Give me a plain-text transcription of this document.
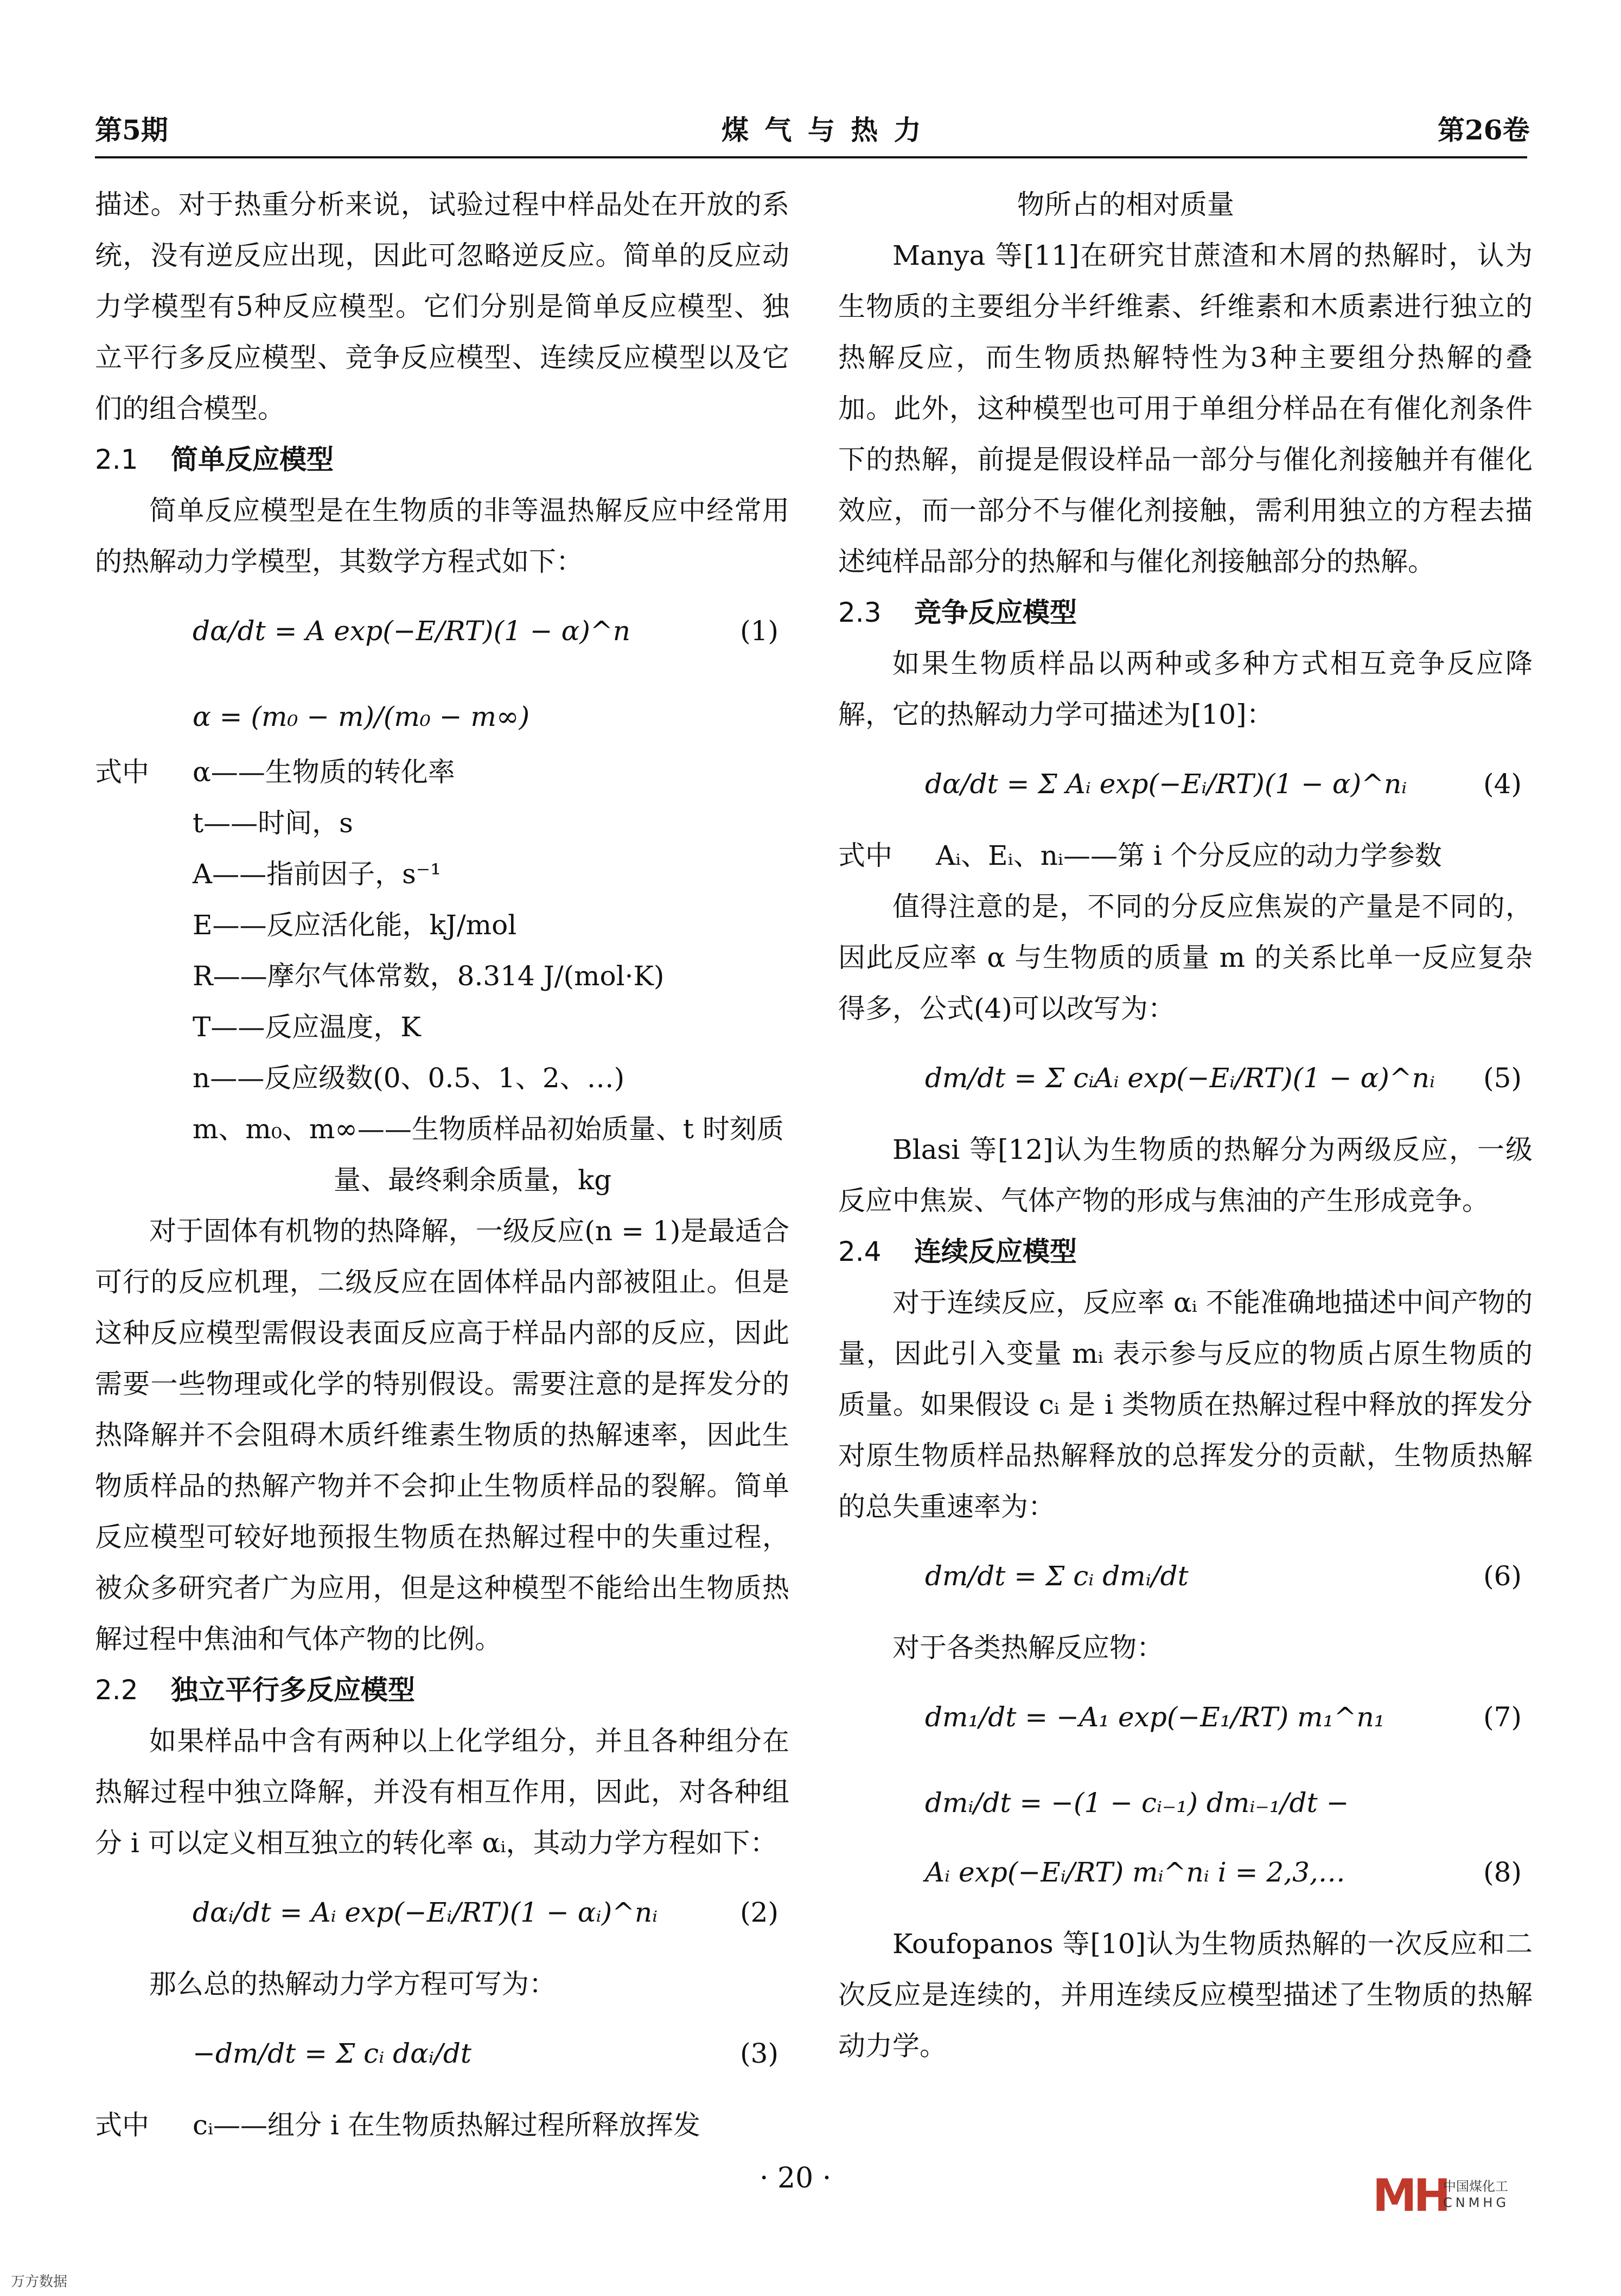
第5期	煤 气 与 热 力	第26卷

描述。对于热重分析来说，试验过程中样品处在开放的系统，没有逆反应出现，因此可忽略逆反应。简单的反应动力学模型有5种反应模型。它们分别是简单反应模型、独立平行多反应模型、竞争反应模型、连续反应模型以及它们的组合模型。

2.1 简单反应模型

简单反应模型是在生物质的非等温热解反应中经常用的热解动力学模型，其数学方程式如下：

dα/dt = A exp(−E/RT)(1 − α)^n	(1)
α = (m₀ − m)/(m₀ − m∞)

式中 α——生物质的转化率

t——时间，s

A——指前因子，s⁻¹

E——反应活化能，kJ/mol

R——摩尔气体常数，8.314 J/(mol·K)

T——反应温度，K

n——反应级数(0、0.5、1、2、…)

m、m₀、m∞——生物质样品初始质量、t 时刻质量、最终剩余质量，kg

对于固体有机物的热降解，一级反应(n = 1)是最适合可行的反应机理，二级反应在固体样品内部被阻止。但是这种反应模型需假设表面反应高于样品内部的反应，因此需要一些物理或化学的特别假设。需要注意的是挥发分的热降解并不会阻碍木质纤维素生物质的热解速率，因此生物质样品的热解产物并不会抑止生物质样品的裂解。简单反应模型可较好地预报生物质在热解过程中的失重过程，被众多研究者广为应用，但是这种模型不能给出生物质热解过程中焦油和气体产物的比例。

2.2 独立平行多反应模型

如果样品中含有两种以上化学组分，并且各种组分在热解过程中独立降解，并没有相互作用，因此，对各种组分 i 可以定义相互独立的转化率 αᵢ，其动力学方程如下：

dαᵢ/dt = Aᵢ exp(−Eᵢ/RT)(1 − αᵢ)^nᵢ	(2)

那么总的热解动力学方程可写为：

−dm/dt = Σ cᵢ dαᵢ/dt	(3)

式中 cᵢ——组分 i 在生物质热解过程所释放挥发

物所占的相对质量

Manya 等[11]在研究甘蔗渣和木屑的热解时，认为生物质的主要组分半纤维素、纤维素和木质素进行独立的热解反应，而生物质热解特性为3种主要组分热解的叠加。此外，这种模型也可用于单组分样品在有催化剂条件下的热解，前提是假设样品一部分与催化剂接触并有催化效应，而一部分不与催化剂接触，需利用独立的方程去描述纯样品部分的热解和与催化剂接触部分的热解。

2.3 竞争反应模型

如果生物质样品以两种或多种方式相互竞争反应降解，它的热解动力学可描述为[10]：

dα/dt = Σ Aᵢ exp(−Eᵢ/RT)(1 − α)^nᵢ	(4)

式中 Aᵢ、Eᵢ、nᵢ——第 i 个分反应的动力学参数

值得注意的是，不同的分反应焦炭的产量是不同的，因此反应率 α 与生物质的质量 m 的关系比单一反应复杂得多，公式(4)可以改写为：

dm/dt = Σ cᵢAᵢ exp(−Eᵢ/RT)(1 − α)^nᵢ (5)

Blasi 等[12]认为生物质的热解分为两级反应，一级反应中焦炭、气体产物的形成与焦油的产生形成竞争。

2.4 连续反应模型

对于连续反应，反应率 αᵢ 不能准确地描述中间产物的量，因此引入变量 mᵢ 表示参与反应的物质占原生物质的质量。如果假设 cᵢ 是 i 类物质在热解过程中释放的挥发分对原生物质样品热解释放的总挥发分的贡献，生物质热解的总失重速率为：

dm/dt = Σ cᵢ dmᵢ/dt	(6)

对于各类热解反应物：

dm₁/dt = −A₁ exp(−E₁/RT) m₁^n₁	(7)
dmᵢ/dt = −(1 − cᵢ₋₁) dmᵢ₋₁/dt −
Aᵢ exp(−Eᵢ/RT) mᵢ^nᵢ i = 2,3,…	(8)

Koufopanos 等[10]认为生物质热解的一次反应和二次反应是连续的，并用连续反应模型描述了生物质的热解动力学。

· 20 ·	MH
中国煤化工
CNMHG
万方数据
